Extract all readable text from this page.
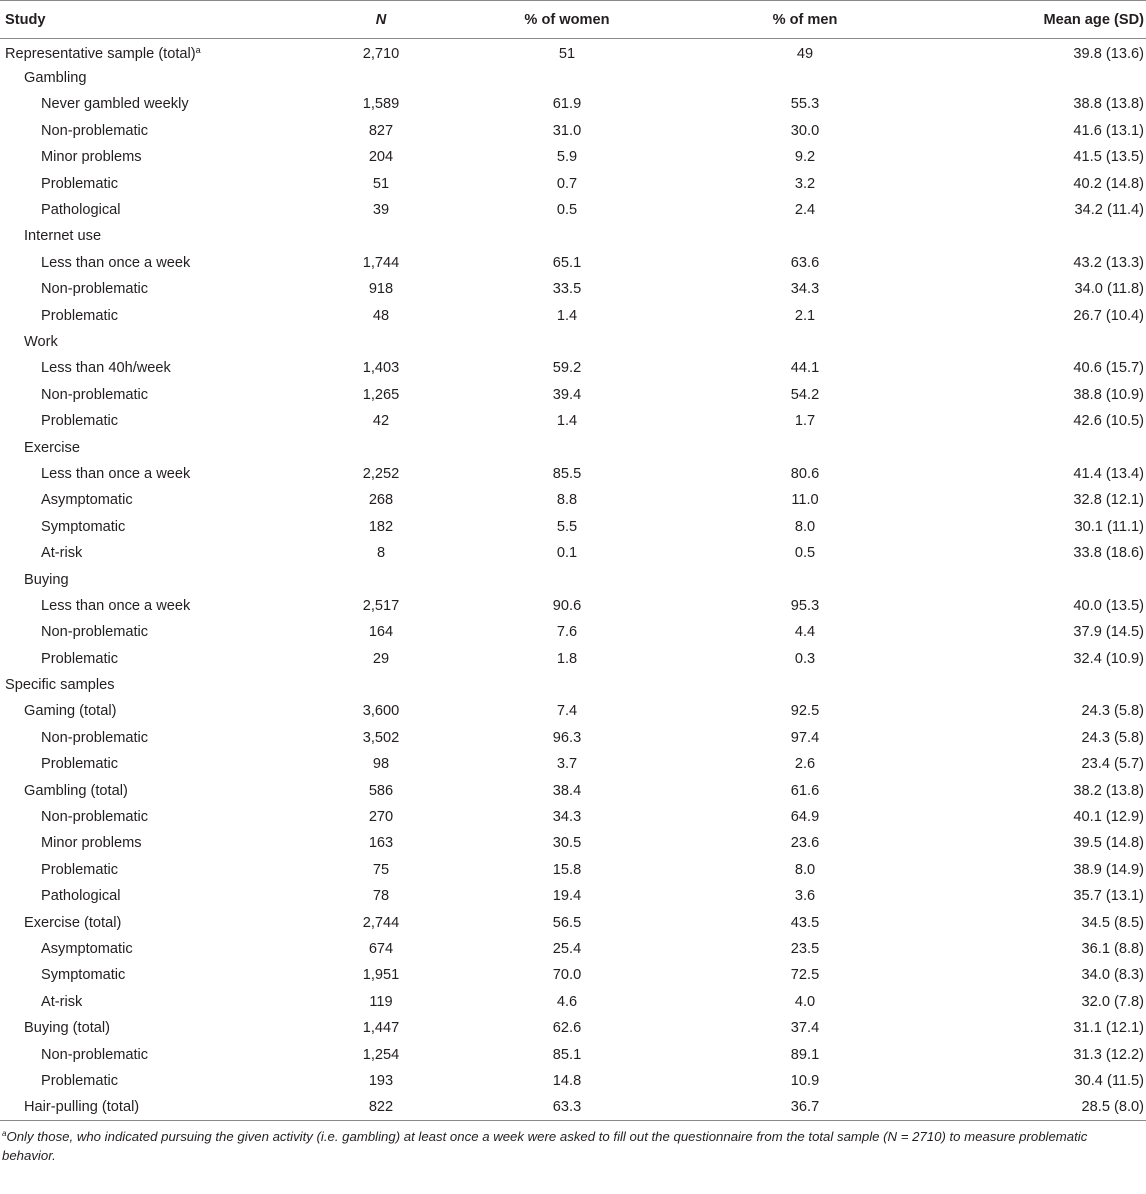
Study	N	% of women	% of men	Mean age (SD)
Representative sample (total)$^a$	2,710	51	49	39.8 (13.6)
Gambling				
Never gambled weekly	1,589	61.9	55.3	38.8 (13.8)
Non-problematic	827	31.0	30.0	41.6 (13.1)
Minor problems	204	5.9	9.2	41.5 (13.5)
Problematic	51	0.7	3.2	40.2 (14.8)
Pathological	39	0.5	2.4	34.2 (11.4)
Internet use				
Less than once a week	1,744	65.1	63.6	43.2 (13.3)
Non-problematic	918	33.5	34.3	34.0 (11.8)
Problematic	48	1.4	2.1	26.7 (10.4)
Work				
Less than 40h/week	1,403	59.2	44.1	40.6 (15.7)
Non-problematic	1,265	39.4	54.2	38.8 (10.9)
Problematic	42	1.4	1.7	42.6 (10.5)
Exercise				
Less than once a week	2,252	85.5	80.6	41.4 (13.4)
Asymptomatic	268	8.8	11.0	32.8 (12.1)
Symptomatic	182	5.5	8.0	30.1 (11.1)
At-risk	8	0.1	0.5	33.8 (18.6)
Buying				
Less than once a week	2,517	90.6	95.3	40.0 (13.5)
Non-problematic	164	7.6	4.4	37.9 (14.5)
Problematic	29	1.8	0.3	32.4 (10.9)
Specific samples				
Gaming (total)	3,600	7.4	92.5	24.3 (5.8)
Non-problematic	3,502	96.3	97.4	24.3 (5.8)
Problematic	98	3.7	2.6	23.4 (5.7)
Gambling (total)	586	38.4	61.6	38.2 (13.8)
Non-problematic	270	34.3	64.9	40.1 (12.9)
Minor problems	163	30.5	23.6	39.5 (14.8)
Problematic	75	15.8	8.0	38.9 (14.9)
Pathological	78	19.4	3.6	35.7 (13.1)
Exercise (total)	2,744	56.5	43.5	34.5 (8.5)
Asymptomatic	674	25.4	23.5	36.1 (8.8)
Symptomatic	1,951	70.0	72.5	34.0 (8.3)
At-risk	119	4.6	4.0	32.0 (7.8)
Buying (total)	1,447	62.6	37.4	31.1 (12.1)
Non-problematic	1,254	85.1	89.1	31.3 (12.2)
Problematic	193	14.8	10.9	30.4 (11.5)
Hair-pulling (total)	822	63.3	36.7	28.5 (8.0)
$^a$Only those, who indicated pursuing the given activity (i.e. gambling) at least once a week were asked to fill out the questionnaire from the total sample (N = 2710) to measure problematic behavior.
